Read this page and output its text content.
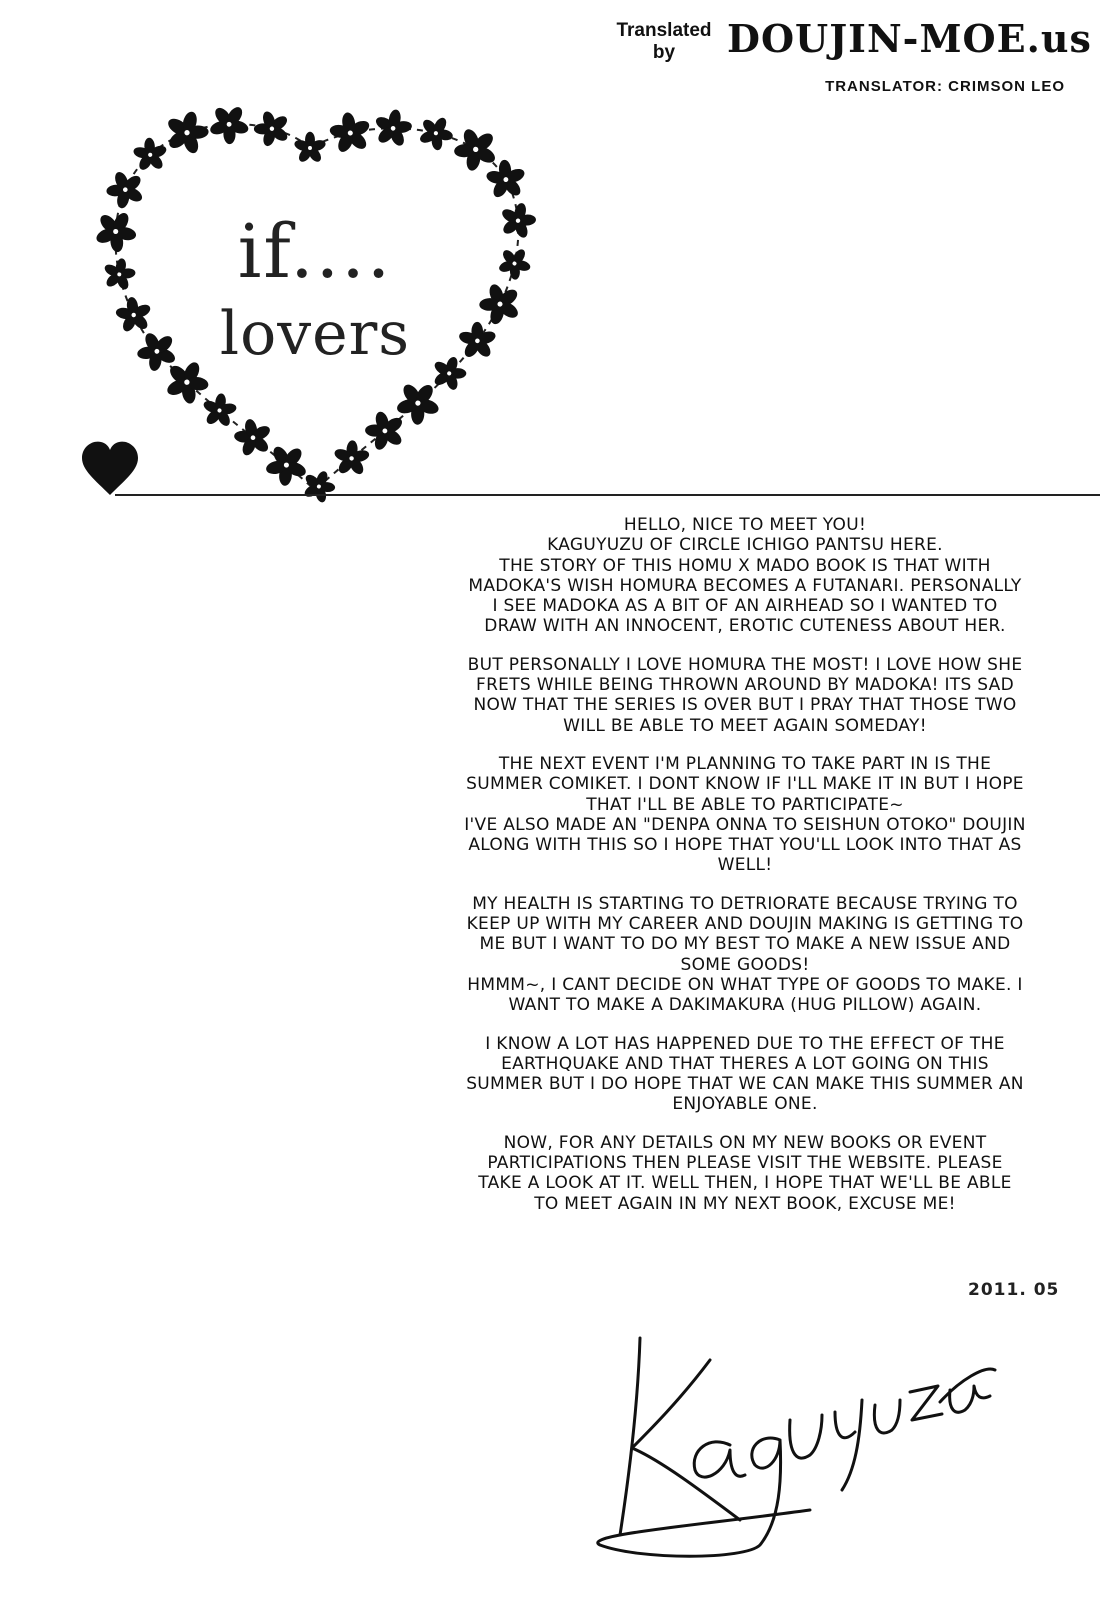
Translated
by	DOUJIN-MOE.us
TRANSLATOR: CRIMSON LEO
if....
lovers

HELLO, NICE TO MEET YOU!
KAGUYUZU OF CIRCLE ICHIGO PANTSU HERE.
THE STORY OF THIS HOMU X MADO BOOK IS THAT WITH
MADOKA'S WISH HOMURA BECOMES A FUTANARI. PERSONALLY
I SEE MADOKA AS A BIT OF AN AIRHEAD SO I WANTED TO
DRAW WITH AN INNOCENT, EROTIC CUTENESS ABOUT HER.

BUT PERSONALLY I LOVE HOMURA THE MOST! I LOVE HOW SHE
FRETS WHILE BEING THROWN AROUND BY MADOKA! ITS SAD
NOW THAT THE SERIES IS OVER BUT I PRAY THAT THOSE TWO
WILL BE ABLE TO MEET AGAIN SOMEDAY!

THE NEXT EVENT I'M PLANNING TO TAKE PART IN IS THE
SUMMER COMIKET. I DONT KNOW IF I'LL MAKE IT IN BUT I HOPE
THAT I'LL BE ABLE TO PARTICIPATE~
I'VE ALSO MADE AN "DENPA ONNA TO SEISHUN OTOKO" DOUJIN
ALONG WITH THIS SO I HOPE THAT YOU'LL LOOK INTO THAT AS
WELL!

MY HEALTH IS STARTING TO DETRIORATE BECAUSE TRYING TO
KEEP UP WITH MY CAREER AND DOUJIN MAKING IS GETTING TO
ME BUT I WANT TO DO MY BEST TO MAKE A NEW ISSUE AND
SOME GOODS!
HMMM~, I CANT DECIDE ON WHAT TYPE OF GOODS TO MAKE. I
WANT TO MAKE A DAKIMAKURA (HUG PILLOW) AGAIN.

I KNOW A LOT HAS HAPPENED DUE TO THE EFFECT OF THE
EARTHQUAKE AND THAT THERES A LOT GOING ON THIS
SUMMER BUT I DO HOPE THAT WE CAN MAKE THIS SUMMER AN
ENJOYABLE ONE.

NOW, FOR ANY DETAILS ON MY NEW BOOKS OR EVENT
PARTICIPATIONS THEN PLEASE VISIT THE WEBSITE. PLEASE
TAKE A LOOK AT IT. WELL THEN, I HOPE THAT WE'LL BE ABLE
TO MEET AGAIN IN MY NEXT BOOK, EXCUSE ME!

2011. 05
